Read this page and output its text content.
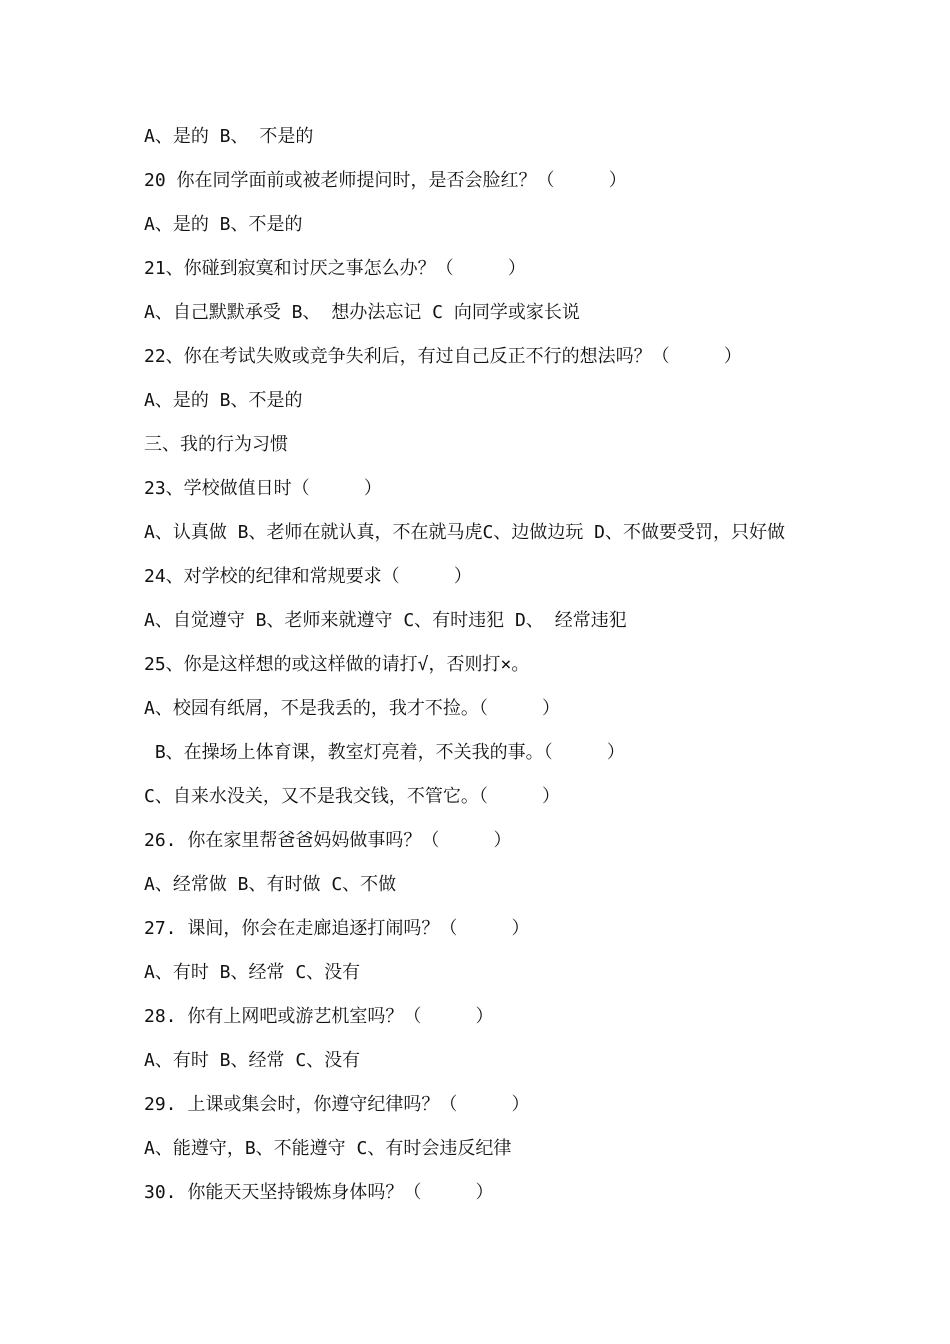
A、是的 B、 不是的
20 你在同学面前或被老师提问时，是否会脸红？（     ）
A、是的 B、不是的
21、你碰到寂寞和讨厌之事怎么办？（     ）
A、自己默默承受 B、 想办法忘记 C 向同学或家长说
22、你在考试失败或竞争失利后，有过自己反正不行的想法吗？（     ）
A、是的 B、不是的
三、我的行为习惯
23、学校做值日时（     ）
A、认真做 B、老师在就认真，不在就马虎C、边做边玩 D、不做要受罚，只好做
24、对学校的纪律和常规要求（     ）
A、自觉遵守 B、老师来就遵守 C、有时违犯 D、 经常违犯
25、你是这样想的或这样做的请打√，否则打×。
A、校园有纸屑，不是我丢的，我才不捡。（     ）
B、在操场上体育课，教室灯亮着，不关我的事。（     ）
C、自来水没关，又不是我交钱，不管它。（     ）
26. 你在家里帮爸爸妈妈做事吗？（     ）
A、经常做 B、有时做 C、不做
27. 课间，你会在走廊追逐打闹吗？（     ）
A、有时 B、经常 C、没有
28. 你有上网吧或游艺机室吗？（     ）
A、有时 B、经常 C、没有
29. 上课或集会时，你遵守纪律吗？（     ）
A、能遵守，B、不能遵守 C、有时会违反纪律
30. 你能天天坚持锻炼身体吗？（     ）
